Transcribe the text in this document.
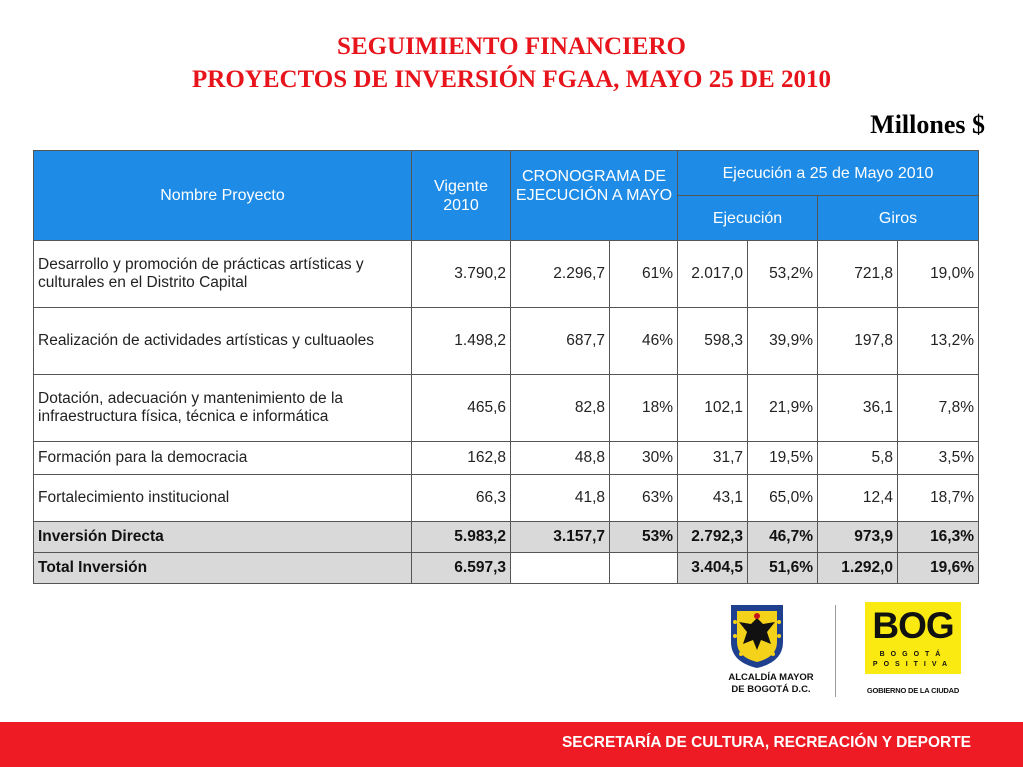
SEGUIMIENTO FINANCIERO
PROYECTOS DE INVERSIÓN FGAA, MAYO 25 DE 2010
Millones $
Nombre Proyecto	Vigente 2010	CRONOGRAMA DE EJECUCIÓN A MAYO		Ejecución a 25 de Mayo 2010			
				Ejecución		Giros	
Desarrollo y promoción de prácticas artísticas y culturales en el Distrito Capital	3.790,2	2.296,7	61%	2.017,0	53,2%	721,8	19,0%
Realización de actividades artísticas y cultuaoles	1.498,2	687,7	46%	598,3	39,9%	197,8	13,2%
Dotación, adecuación y mantenimiento de la infraestructura física, técnica e informática	465,6	82,8	18%	102,1	21,9%	36,1	7,8%
Formación para la democracia	162,8	48,8	30%	31,7	19,5%	5,8	3,5%
Fortalecimiento institucional	66,3	41,8	63%	43,1	65,0%	12,4	18,7%
Inversión Directa	5.983,2	3.157,7	53%	2.792,3	46,7%	973,9	16,3%
Total Inversión	6.597,3			3.404,5	51,6%	1.292,0	19,6%
ALCALDÍA MAYOR
DE BOGOTÁ D.C.
BOG
BOGOTÁ
POSITIVA
GOBIERNO DE LA CIUDAD
SECRETARÍA DE CULTURA, RECREACIÓN Y DEPORTE
